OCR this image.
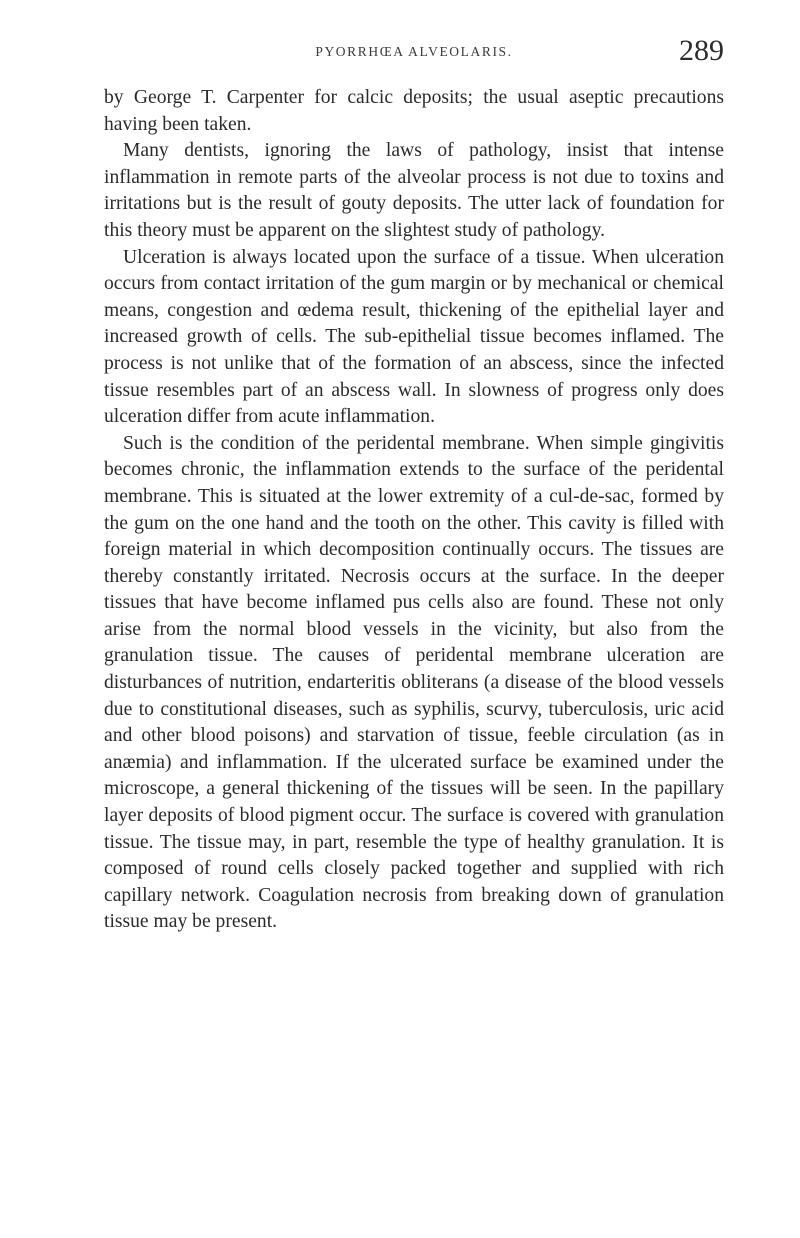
PYORRHŒA ALVEOLARIS.	289

by George T. Carpenter for calcic deposits; the usual aseptic precautions having been taken.

Many dentists, ignoring the laws of pathology, insist that intense inflammation in remote parts of the alveolar process is not due to toxins and irritations but is the result of gouty deposits. The utter lack of foundation for this theory must be apparent on the slightest study of pathology.

Ulceration is always located upon the surface of a tissue. When ulceration occurs from contact irritation of the gum margin or by mechanical or chemical means, congestion and œdema result, thickening of the epithelial layer and increased growth of cells. The sub-epithelial tissue becomes inflamed. The process is not unlike that of the formation of an abscess, since the infected tissue resembles part of an abscess wall. In slowness of progress only does ulceration differ from acute inflammation.

Such is the condition of the peridental membrane. When simple gingivitis becomes chronic, the inflammation extends to the surface of the peridental membrane. This is situated at the lower extremity of a cul-de-sac, formed by the gum on the one hand and the tooth on the other. This cavity is filled with foreign material in which decomposition continually occurs. The tissues are thereby constantly irritated. Necrosis occurs at the surface. In the deeper tissues that have become inflamed pus cells also are found. These not only arise from the normal blood vessels in the vicinity, but also from the granulation tissue. The causes of peridental membrane ulceration are disturbances of nutrition, endarteritis obliterans (a disease of the blood vessels due to constitutional diseases, such as syphilis, scurvy, tuberculosis, uric acid and other blood poisons) and starvation of tissue, feeble circulation (as in anæmia) and inflammation. If the ulcerated surface be examined under the microscope, a general thickening of the tissues will be seen. In the papillary layer deposits of blood pigment occur. The surface is covered with granulation tissue. The tissue may, in part, resemble the type of healthy granulation. It is composed of round cells closely packed together and supplied with rich capillary network. Coagulation necrosis from breaking down of granulation tissue may be present.
